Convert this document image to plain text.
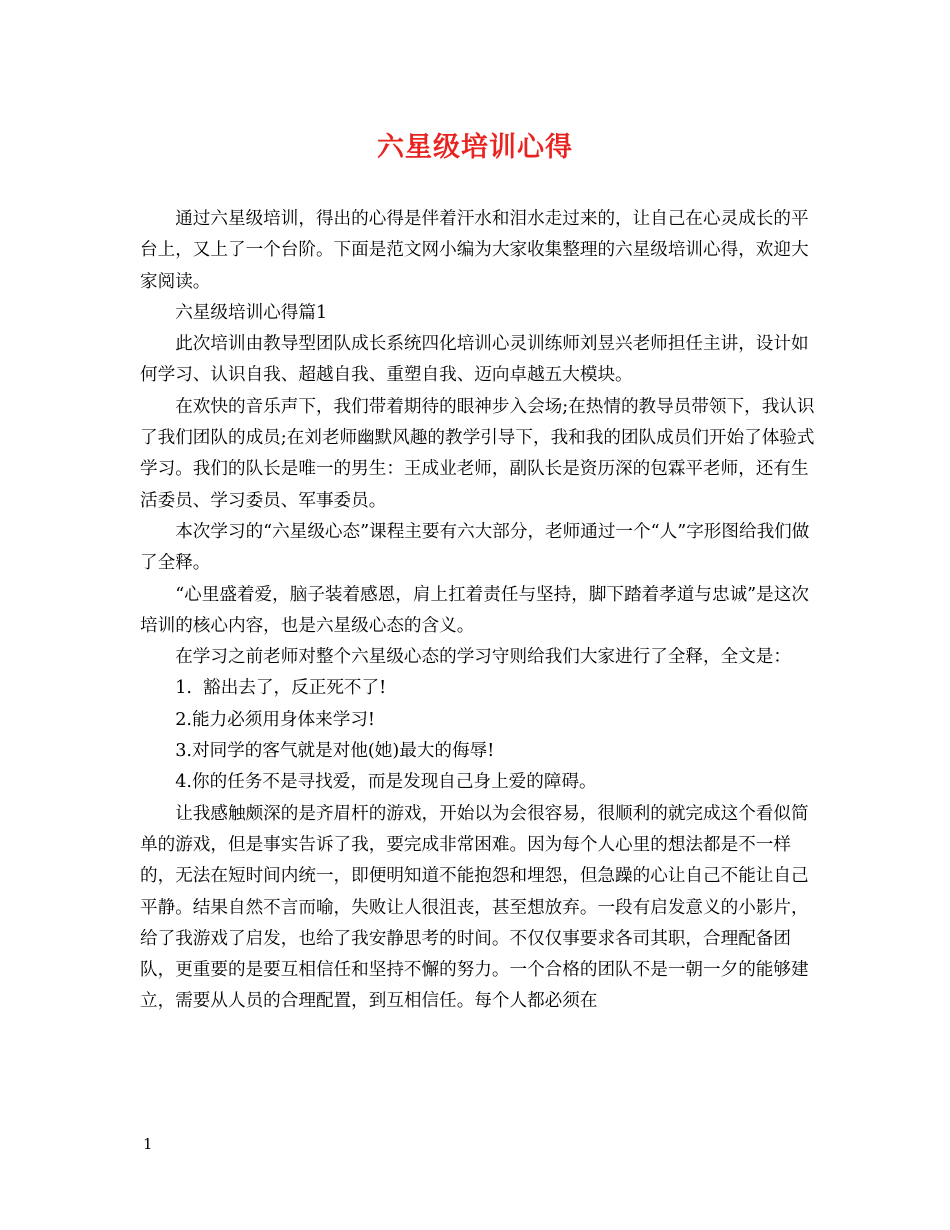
六星级培训心得

通过六星级培训，得出的心得是伴着汗水和泪水走过来的，让自己在心灵成长的平台上，又上了一个台阶。下面是范文网小编为大家收集整理的六星级培训心得，欢迎大家阅读。

六星级培训心得篇1

此次培训由教导型团队成长系统四化培训心灵训练师刘昱兴老师担任主讲，设计如何学习、认识自我、超越自我、重塑自我、迈向卓越五大模块。

在欢快的音乐声下，我们带着期待的眼神步入会场;在热情的教导员带领下，我认识了我们团队的成员;在刘老师幽默风趣的教学引导下，我和我的团队成员们开始了体验式学习。我们的队长是唯一的男生：王成业老师，副队长是资历深的包霖平老师，还有生活委员、学习委员、军事委员。

本次学习的“六星级心态”课程主要有六大部分，老师通过一个“人”字形图给我们做了全释。

“心里盛着爱，脑子装着感恩，肩上扛着责任与坚持，脚下踏着孝道与忠诚”是这次培训的核心内容，也是六星级心态的含义。

在学习之前老师对整个六星级心态的学习守则给我们大家进行了全释，全文是：

1.  豁出去了，反正死不了!

2.能力必须用身体来学习!

3.对同学的客气就是对他(她)最大的侮辱!

4.你的任务不是寻找爱，而是发现自己身上爱的障碍。

让我感触颇深的是齐眉杆的游戏，开始以为会很容易，很顺利的就完成这个看似简单的游戏，但是事实告诉了我，要完成非常困难。因为每个人心里的想法都是不一样的，无法在短时间内统一，即便明知道不能抱怨和埋怨，但急躁的心让自己不能让自己平静。结果自然不言而喻，失败让人很沮丧，甚至想放弃。一段有启发意义的小影片，给了我游戏了启发，也给了我安静思考的时间。不仅仅事要求各司其职，合理配备团队，更重要的是要互相信任和坚持不懈的努力。一个合格的团队不是一朝一夕的能够建立，需要从人员的合理配置，到互相信任。每个人都必须在

1
